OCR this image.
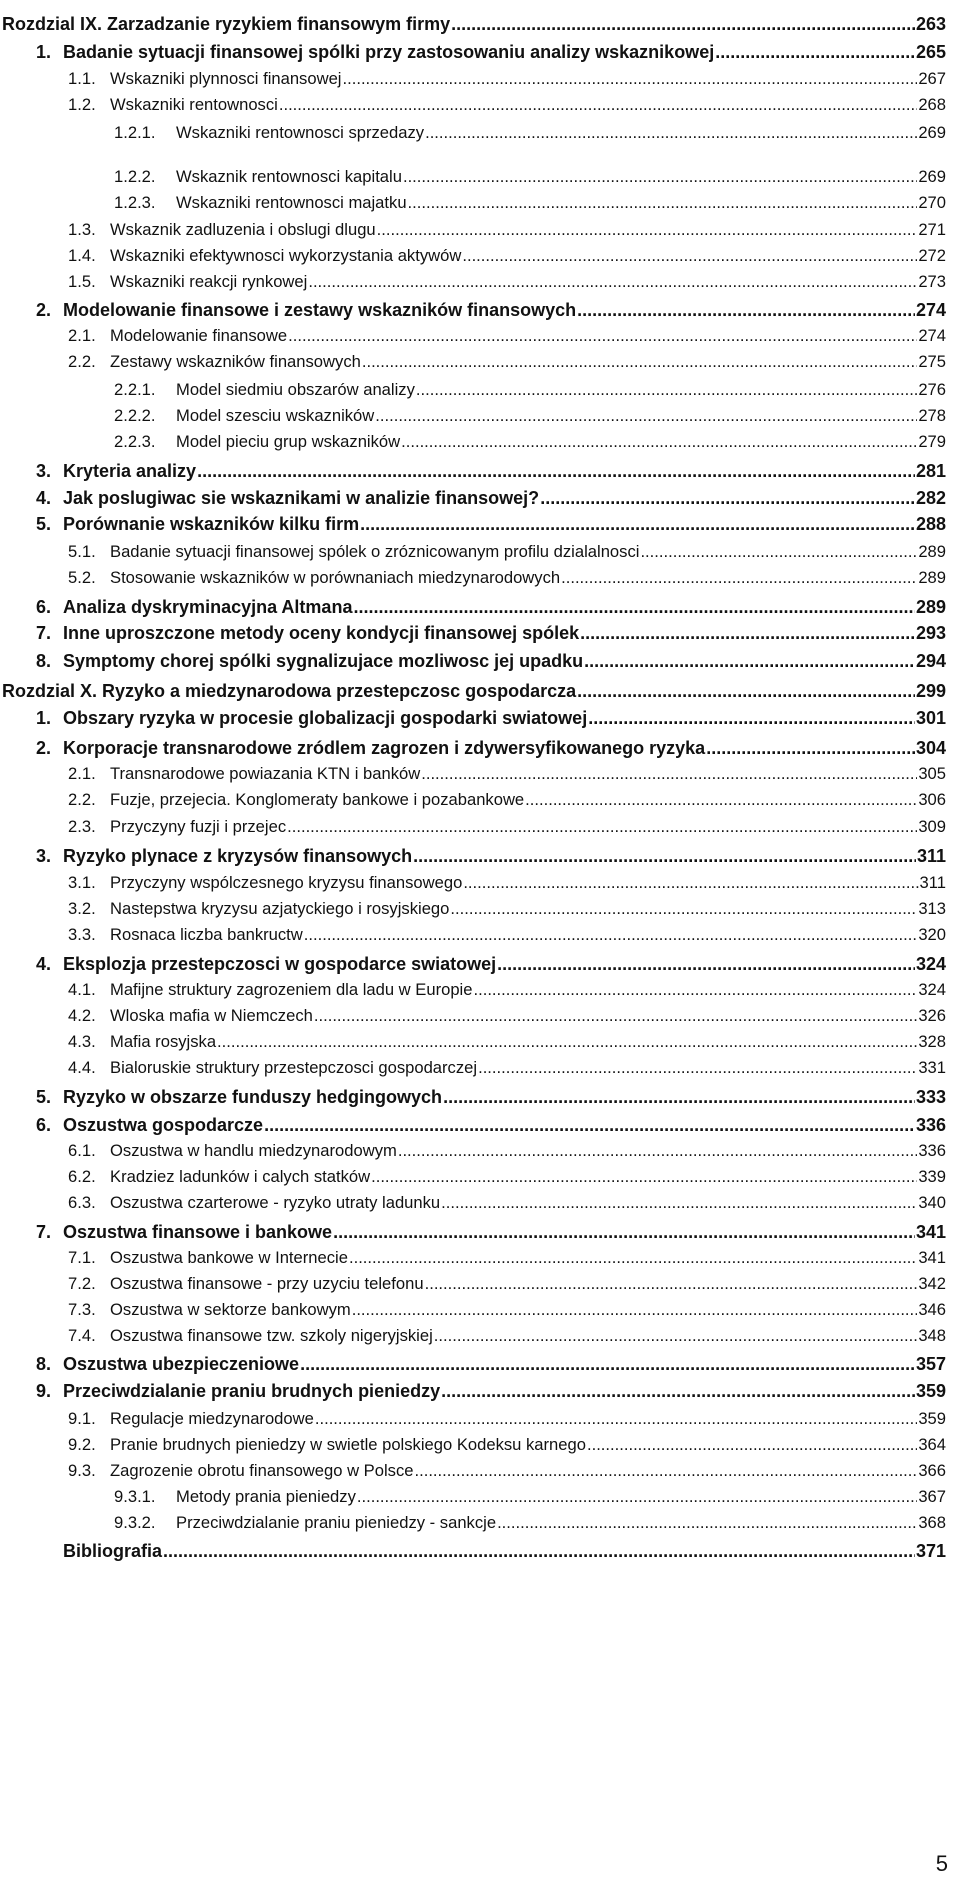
Rozdzial IX. Zarzadzanie ryzykiem finansowym firmy .....	263
1. Badanie sytuacji finansowej spólki przy zastosowaniu analizy wskaznikowej .....	265
1.1. Wskazniki plynnosci finansowej .....	267
1.2. Wskazniki rentownosci .....	268
1.2.1.	Wskazniki rentownosci sprzedazy .....	269
1.2.2.	Wskaznik rentownosci kapitalu .....	269
1.2.3.	Wskazniki rentownosci majatku .....	270
1.3. Wskaznik zadluzenia i obslugi dlugu .....	271
1.4. Wskazniki efektywnosci wykorzystania aktywów .....	272
1.5. Wskazniki reakcji rynkowej .....	273
2. Modelowanie finansowe i zestawy wskazników finansowych .....	274
2.1. Modelowanie finansowe .....	274
2.2. Zestawy wskazników finansowych .....	275
2.2.1.	Model siedmiu obszarów analizy .....	276
2.2.2.	Model szesciu wskazników .....	278
2.2.3.	Model pieciu grup wskazników .....	279
3. Kryteria analizy .....	281
4. Jak poslugiwac sie wskaznikami w analizie finansowej? .....	282
5. Porównanie wskazników kilku firm .....	288
5.1. Badanie sytuacji finansowej spólek o zróznicowanym profilu dzialalnosci .....	289
5.2. Stosowanie wskazników w porównaniach miedzynarodowych .....	289
6. Analiza dyskryminacyjna Altmana .....	289
7. Inne uproszczone metody oceny kondycji finansowej spólek .....	293
8. Symptomy chorej spólki sygnalizujace mozliwosc jej upadku .....	294
Rozdzial X. Ryzyko a miedzynarodowa przestepczosc gospodarcza .....	299
1. Obszary ryzyka w procesie globalizacji gospodarki swiatowej .....	301
2. Korporacje transnarodowe zródlem zagrozen i zdywersyfikowanego ryzyka .....	304
2.1. Transnarodowe powiazania KTN i banków .....	305
2.2. Fuzje, przejecia. Konglomeraty bankowe i pozabankowe .....	306
2.3. Przyczyny fuzji i przejec .....	309
3. Ryzyko plynace z kryzysów finansowych .....	311
3.1. Przyczyny wspólczesnego kryzysu finansowego .....	311
3.2. Nastepstwa kryzysu azjatyckiego i rosyjskiego .....	313
3.3. Rosnaca liczba bankructw .....	320
4. Eksplozja przestepczosci w gospodarce swiatowej .....	324
4.1. Mafijne struktury zagrozeniem dla ladu w Europie .....	324
4.2. Wloska mafia w Niemczech .....	326
4.3. Mafia rosyjska .....	328
4.4. Bialoruskie struktury przestepczosci gospodarczej .....	331
5. Ryzyko w obszarze funduszy hedgingowych .....	333
6. Oszustwa gospodarcze .....	336
6.1. Oszustwa w handlu miedzynarodowym .....	336
6.2. Kradziez ladunków i calych statków .....	339
6.3. Oszustwa czarterowe - ryzyko utraty ladunku .....	340
7. Oszustwa finansowe i bankowe .....	341
7.1. Oszustwa bankowe w Internecie .....	341
7.2. Oszustwa finansowe - przy uzyciu telefonu .....	342
7.3. Oszustwa w sektorze bankowym .....	346
7.4. Oszustwa finansowe tzw. szkoly nigeryjskiej .....	348
8. Oszustwa ubezpieczeniowe .....	357
9. Przeciwdzialanie praniu brudnych pieniedzy .....	359
9.1. Regulacje miedzynarodowe .....	359
9.2. Pranie brudnych pieniedzy w swietle polskiego Kodeksu karnego .....	364
9.3. Zagrozenie obrotu finansowego w Polsce .....	366
9.3.1.	Metody prania pieniedzy .....	367
9.3.2.	Przeciwdzialanie praniu pieniedzy - sankcje .....	368
Bibliografia .....	371
5
